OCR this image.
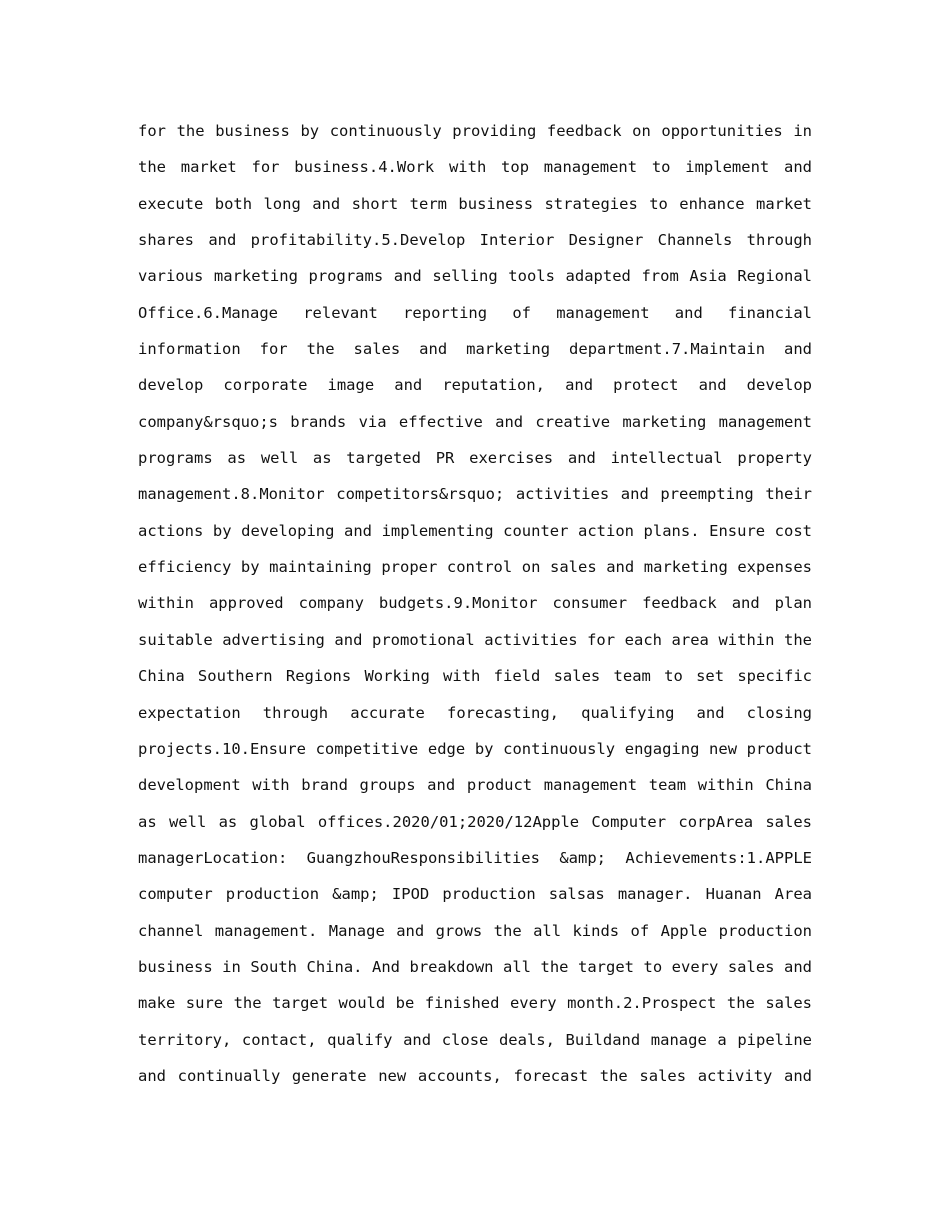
for the business by continuously providing feedback on opportunities in
the market for business.4.Work with top management to implement and
execute both long and short term business strategies to enhance market
shares and profitability.5.Develop Interior Designer Channels through
various marketing programs and selling tools adapted from Asia Regional
Office.6.Manage relevant reporting of management and financial
information for the sales and marketing department.7.Maintain and
develop corporate image and reputation, and protect and develop
company&rsquo;s brands via effective and creative marketing management
programs as well as targeted PR exercises and intellectual property
management.8.Monitor competitors&rsquo; activities and preempting their
actions by developing and implementing counter action plans. Ensure cost
efficiency by maintaining proper control on sales and marketing expenses
within approved company budgets.9.Monitor consumer feedback and plan
suitable advertising and promotional activities for each area within the
China Southern Regions Working with field sales team to set specific
expectation through accurate forecasting, qualifying and closing
projects.10.Ensure competitive edge by continuously engaging new product
development with brand groups and product management team within China
as well as global offices.2020/01;2020/12Apple Computer corpArea sales
managerLocation: GuangzhouResponsibilities &amp; Achievements:1.APPLE
computer production &amp; IPOD production salsas manager. Huanan Area
channel management. Manage and grows the all kinds of Apple production
business in South China. And breakdown all the target to every sales and
make sure the target would be finished every month.2.Prospect the sales
territory, contact, qualify and close deals, Buildand manage a pipeline
and continually generate new accounts, forecast the sales activity and
